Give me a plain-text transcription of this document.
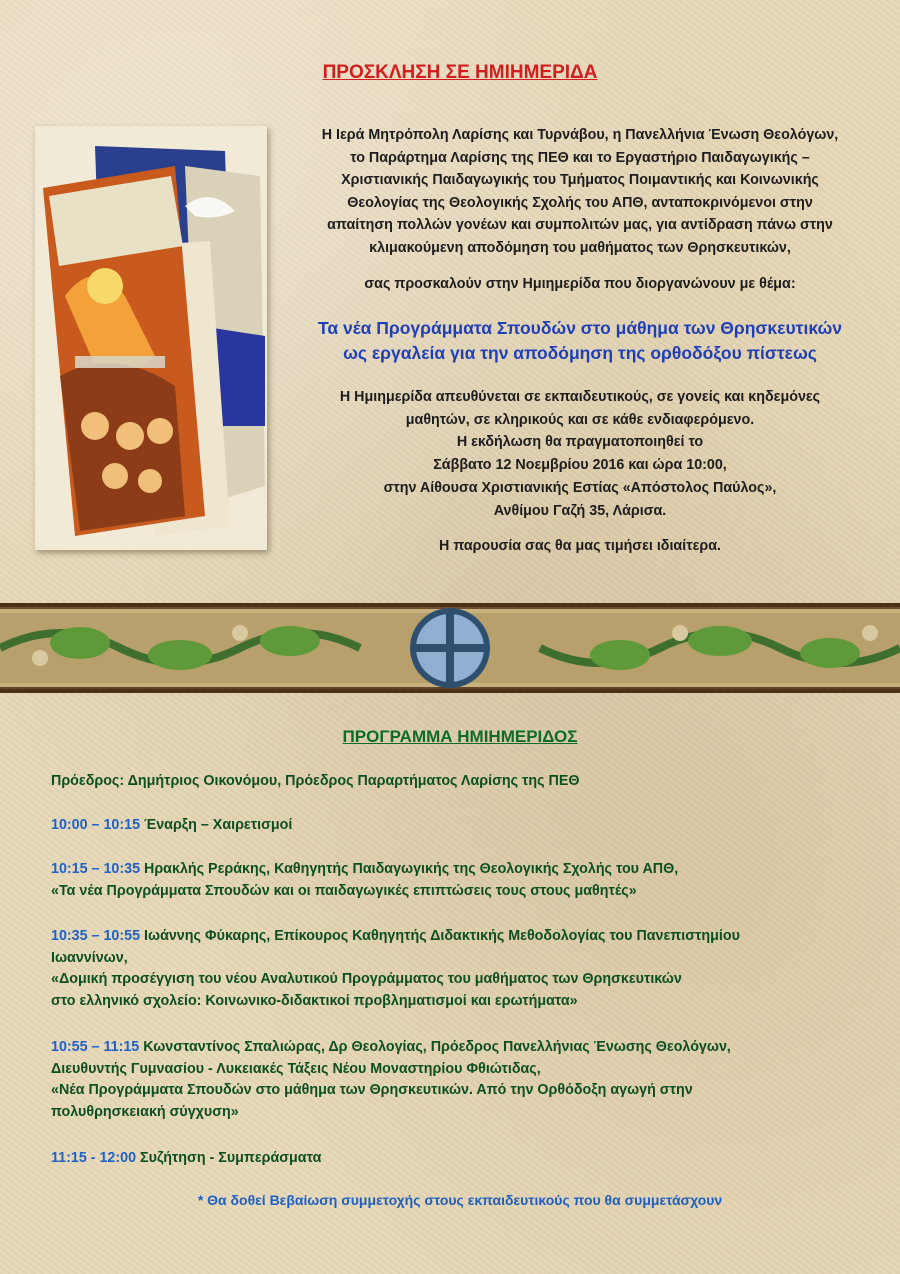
ΠΡΟΣΚΛΗΣΗ ΣΕ ΗΜΙΗΜΕΡΙΔΑ
Η Ιερά Μητρόπολη Λαρίσης και Τυρνάβου, η Πανελλήνια Ένωση Θεολόγων,
το Παράρτημα Λαρίσης της ΠΕΘ και το Εργαστήριο Παιδαγωγικής –
Χριστιανικής Παιδαγωγικής του Τμήματος Ποιμαντικής και Κοινωνικής
Θεολογίας της Θεολογικής Σχολής του ΑΠΘ, ανταποκρινόμενοι στην
απαίτηση πολλών γονέων και συμπολιτών μας, για αντίδραση πάνω στην
κλιμακούμενη αποδόμηση του μαθήματος των Θρησκευτικών,
σας προσκαλούν στην Ημιημερίδα που διοργανώνουν με θέμα:
Τα νέα Προγράμματα Σπουδών στο μάθημα των Θρησκευτικών
ως εργαλεία για την αποδόμηση της ορθοδόξου πίστεως
Η Ημιημερίδα απευθύνεται σε εκπαιδευτικούς, σε γονείς και κηδεμόνες
μαθητών, σε κληρικούς και σε κάθε ενδιαφερόμενο.
Η εκδήλωση θα πραγματοποιηθεί το
Σάββατο 12 Νοεμβρίου 2016 και ώρα 10:00,
στην Αίθουσα Χριστιανικής Εστίας «Απόστολος Παύλος»,
Ανθίμου Γαζή 35, Λάρισα.
Η παρουσία σας θα μας τιμήσει ιδιαίτερα.
ΠΡΟΓΡΑΜΜΑ ΗΜΙΗΜΕΡΙΔΟΣ
Πρόεδρος: Δημήτριος Οικονόμου, Πρόεδρος Παραρτήματος Λαρίσης της ΠΕΘ
10:00 – 10:15 Έναρξη – Χαιρετισμοί
10:15 – 10:35 Ηρακλής Ρεράκης, Καθηγητής Παιδαγωγικής της Θεολογικής Σχολής του ΑΠΘ,
«Τα νέα Προγράμματα Σπουδών και οι παιδαγωγικές επιπτώσεις τους στους μαθητές»
10:35 – 10:55 Ιωάννης Φύκαρης, Επίκουρος Καθηγητής Διδακτικής Μεθοδολογίας του Πανεπιστημίου
Ιωαννίνων,
«Δομική προσέγγιση του νέου Αναλυτικού Προγράμματος του μαθήματος των Θρησκευτικών
στο ελληνικό σχολείο: Κοινωνικο-διδακτικοί προβληματισμοί και ερωτήματα»
10:55 – 11:15 Κωνσταντίνος Σπαλιώρας, Δρ Θεολογίας, Πρόεδρος Πανελλήνιας Ένωσης Θεολόγων,
Διευθυντής Γυμνασίου - Λυκειακές Τάξεις Νέου Μοναστηρίου Φθιώτιδας,
«Νέα Προγράμματα Σπουδών στο μάθημα των Θρησκευτικών. Από την Ορθόδοξη αγωγή στην
πολυθρησκειακή σύγχυση»
11:15 - 12:00 Συζήτηση - Συμπεράσματα
* Θα δοθεί Βεβαίωση συμμετοχής στους εκπαιδευτικούς που θα συμμετάσχουν
